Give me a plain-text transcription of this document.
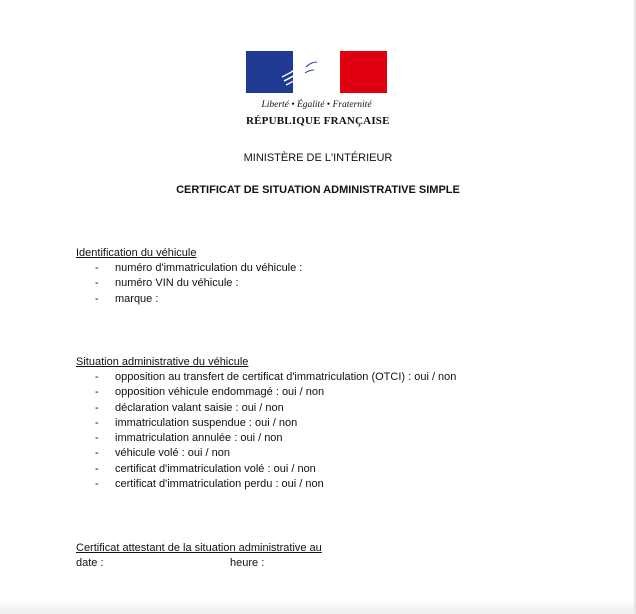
Liberté • Égalité • Fraternité
RÉPUBLIQUE FRANÇAISE
MINISTÈRE DE L'INTÉRIEUR
CERTIFICAT DE SITUATION ADMINISTRATIVE SIMPLE

Identification du véhicule

- numéro d'immatriculation du véhicule :
- numéro VIN du véhicule :
- marque :

Situation administrative du véhicule

- opposition au transfert de certificat d'immatriculation (OTCI) : oui / non
- opposition véhicule endommagé : oui / non
- déclaration valant saisie : oui / non
- immatriculation suspendue : oui / non
- immatriculation annulée : oui / non
- véhicule volé : oui / non
- certificat d'immatriculation volé : oui / non
- certificat d'immatriculation perdu : oui / non

Certificat attestant de la situation administrative au

date :	heure :
